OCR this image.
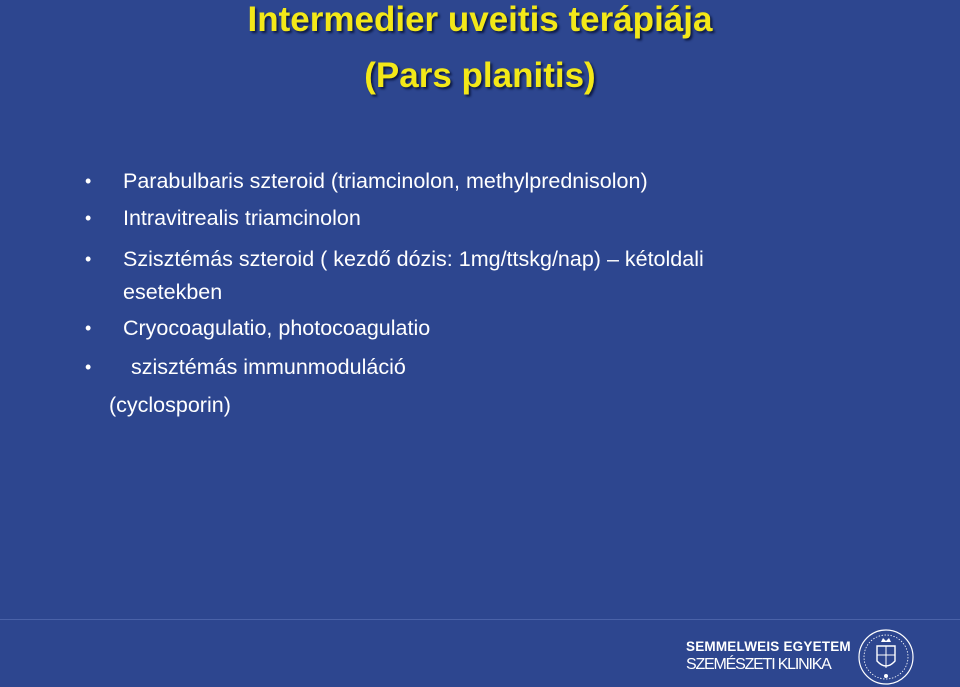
Intermedier uveitis terápiája
(Pars planitis)
• Parabulbaris szteroid (triamcinolon, methylprednisolon)
• Intravitrealis triamcinolon
• Szisztémás szteroid ( kezdő dózis: 1mg/ttskg/nap) – kétoldali
esetekben
• Cryocoagulatio, photocoagulatio
• szisztémás immunmoduláció
(cyclosporin)
SEMMELWEIS EGYETEM
SZEMÉSZETI KLINIKA
